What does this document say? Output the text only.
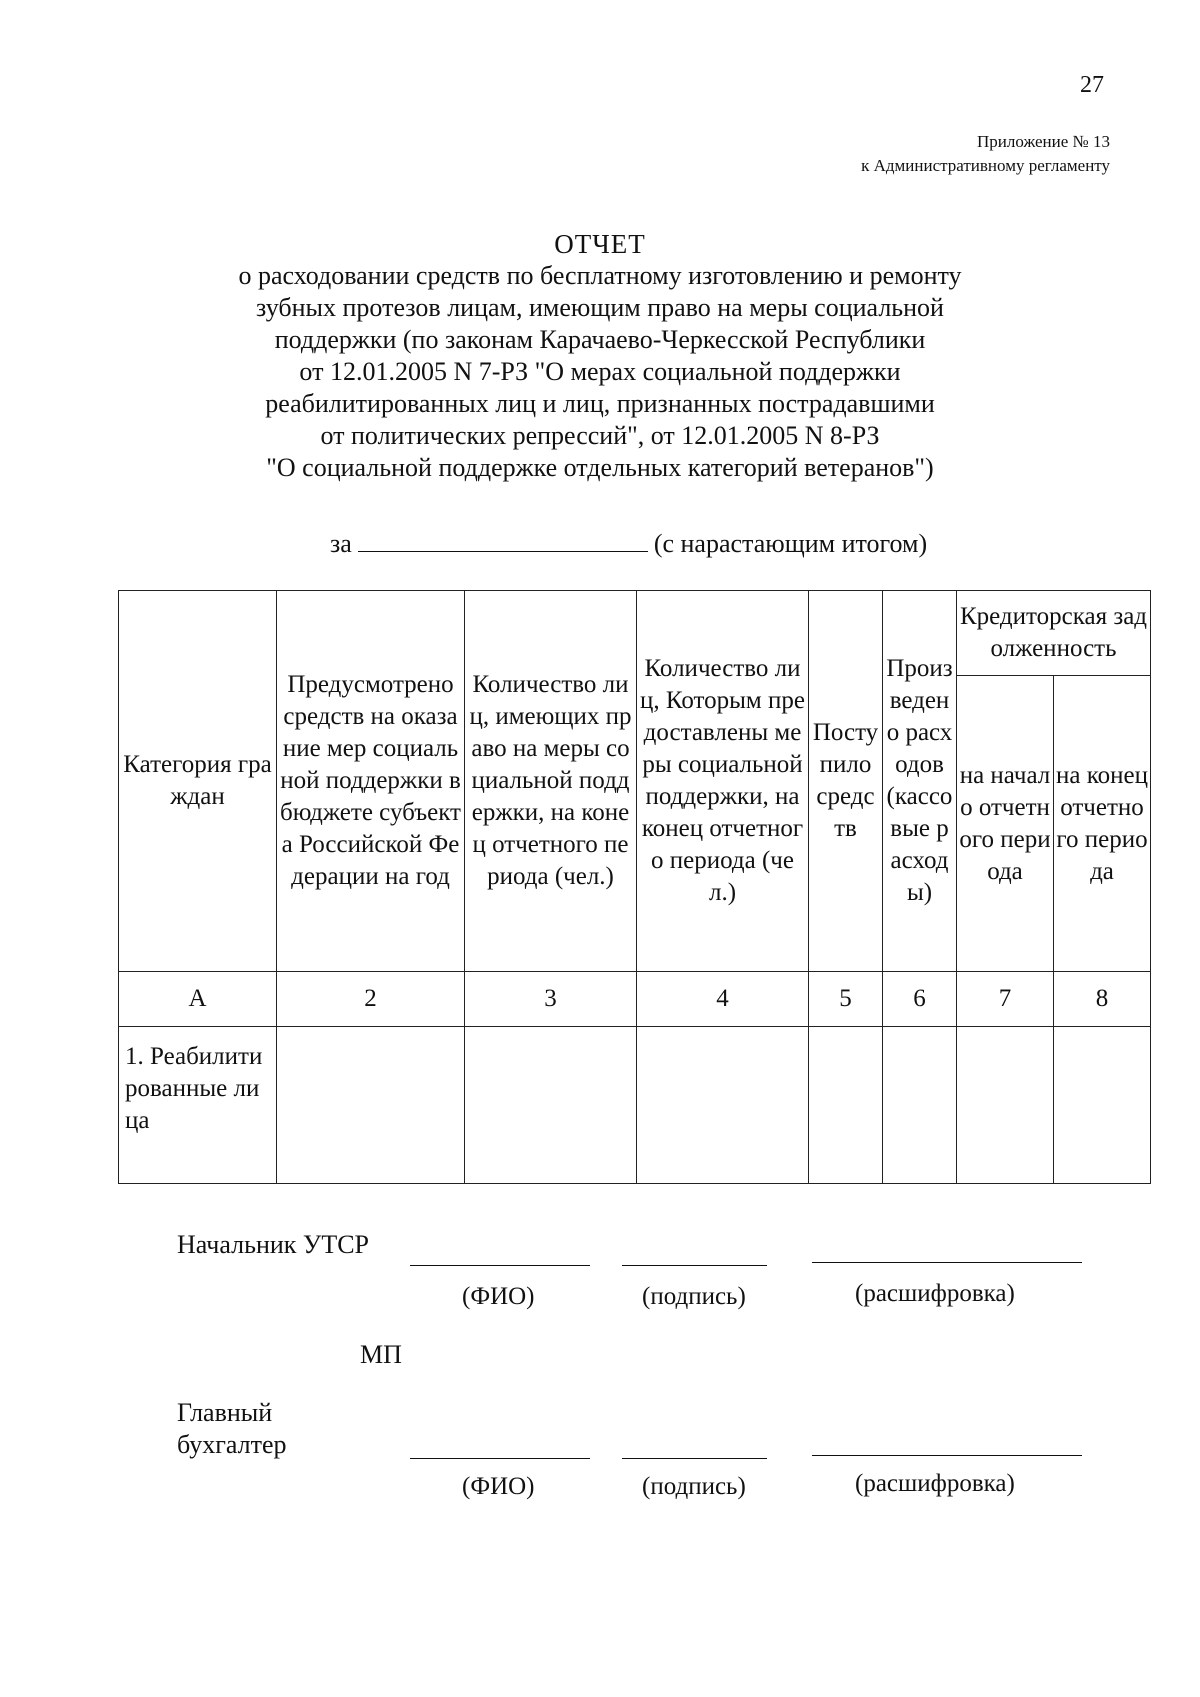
27
Приложение № 13
к Административному регламенту
ОТЧЕТ
о расходовании средств по бесплатному изготовлению и ремонту
зубных протезов лицам, имеющим право на меры социальной
поддержки (по законам Карачаево-Черкесской Республики
от 12.01.2005 N 7-РЗ "О мерах социальной поддержки
реабилитированных лиц и лиц, признанных пострадавшими
от политических репрессий", от 12.01.2005 N 8-РЗ
"О социальной поддержке отдельных категорий ветеранов")
за	(с нарастающим итогом)
Категория граждан	Предусмотрено средств на оказание мер социальной поддержки в бюджете субъекта Российской Федерации на год	Количество лиц, имеющих право на меры социальной поддержки, на конец отчетного периода (чел.)	Количество лиц, Которым предоставлены меры социальной поддержки, на конец отчетного периода (чел.)	Поступило средств	Произведено расходов (кассовые расходы)	Кредиторская задолженность	
						на начало отчетного периода	на конец отчетного периода
А	2	3	4	5	6	7	8
1. Реабилитированные лица							
Начальник УТСР
(ФИО)	(подпись)	(расшифровка)
МП
Главный бухгалтер
(ФИО)	(подпись)	(расшифровка)
